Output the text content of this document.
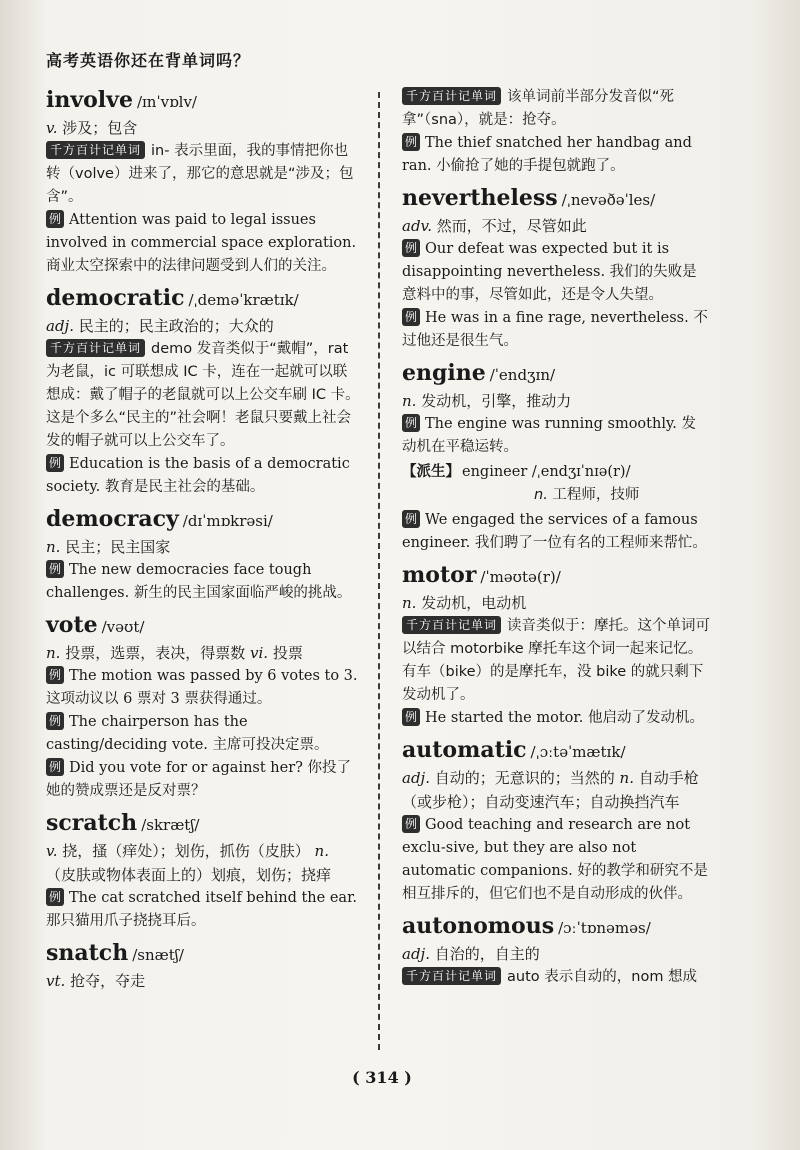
高考英语你还在背单词吗？
involve /ɪnˈvɒlv/
v. 涉及；包含
千方百计记单词 in- 表示里面，我的事情把你也转（volve）进来了，那它的意思就是“涉及；包含”。
例 Attention was paid to legal issues involved in commercial space exploration. 商业太空探索中的法律问题受到人们的关注。
democratic /ˌdeməˈkrætɪk/
adj. 民主的；民主政治的；大众的
千方百计记单词 demo 发音类似于“戴帽”，rat 为老鼠，ic 可联想成 IC 卡，连在一起就可以联想成：戴了帽子的老鼠就可以上公交车刷 IC 卡。这是个多么“民主的”社会啊！老鼠只要戴上社会发的帽子就可以上公交车了。
例 Education is the basis of a democratic society. 教育是民主社会的基础。
democracy /dɪˈmɒkrəsi/
n. 民主；民主国家
例 The new democracies face tough challenges. 新生的民主国家面临严峻的挑战。
vote /vəʊt/
n. 投票，选票，表决，得票数 vi. 投票
例 The motion was passed by 6 votes to 3. 这项动议以 6 票对 3 票获得通过。
例 The chairperson has the casting/deciding vote. 主席可投决定票。
例 Did you vote for or against her? 你投了她的赞成票还是反对票？
scratch /skrætʃ/
v. 挠，搔（痒处）；划伤，抓伤（皮肤） n. （皮肤或物体表面上的）划痕，划伤；挠痒
例 The cat scratched itself behind the ear. 那只猫用爪子挠挠耳后。
snatch /snætʃ/
vt. 抢夺，夺走
千方百计记单词 该单词前半部分发音似“死拿”（sna），就是：抢夺。
例 The thief snatched her handbag and ran. 小偷抢了她的手提包就跑了。
nevertheless /ˌnevəðəˈles/
adv. 然而，不过，尽管如此
例 Our defeat was expected but it is disappointing nevertheless. 我们的失败是意料中的事，尽管如此，还是令人失望。
例 He was in a fine rage, nevertheless. 不过他还是很生气。
engine /ˈendʒɪn/
n. 发动机，引擎，推动力
例 The engine was running smoothly. 发动机在平稳运转。
【派生】 engineer /ˌendʒɪˈnɪə(r)/
n. 工程师，技师
例 We engaged the services of a famous engineer. 我们聘了一位有名的工程师来帮忙。
motor /ˈməʊtə(r)/
n. 发动机，电动机
千方百计记单词 读音类似于：摩托。这个单词可以结合 motorbike 摩托车这个词一起来记忆。有车（bike）的是摩托车，没 bike 的就只剩下发动机了。
例 He started the motor. 他启动了发动机。
automatic /ˌɔːtəˈmætɪk/
adj. 自动的；无意识的；当然的 n. 自动手枪（或步枪）；自动变速汽车；自动换挡汽车
例 Good teaching and research are not exclu-sive, but they are also not automatic companions. 好的教学和研究不是相互排斥的，但它们也不是自动形成的伙伴。
autonomous /ɔːˈtɒnəməs/
adj. 自治的，自主的
千方百计记单词 auto 表示自动的，nom 想成
( 314 )
